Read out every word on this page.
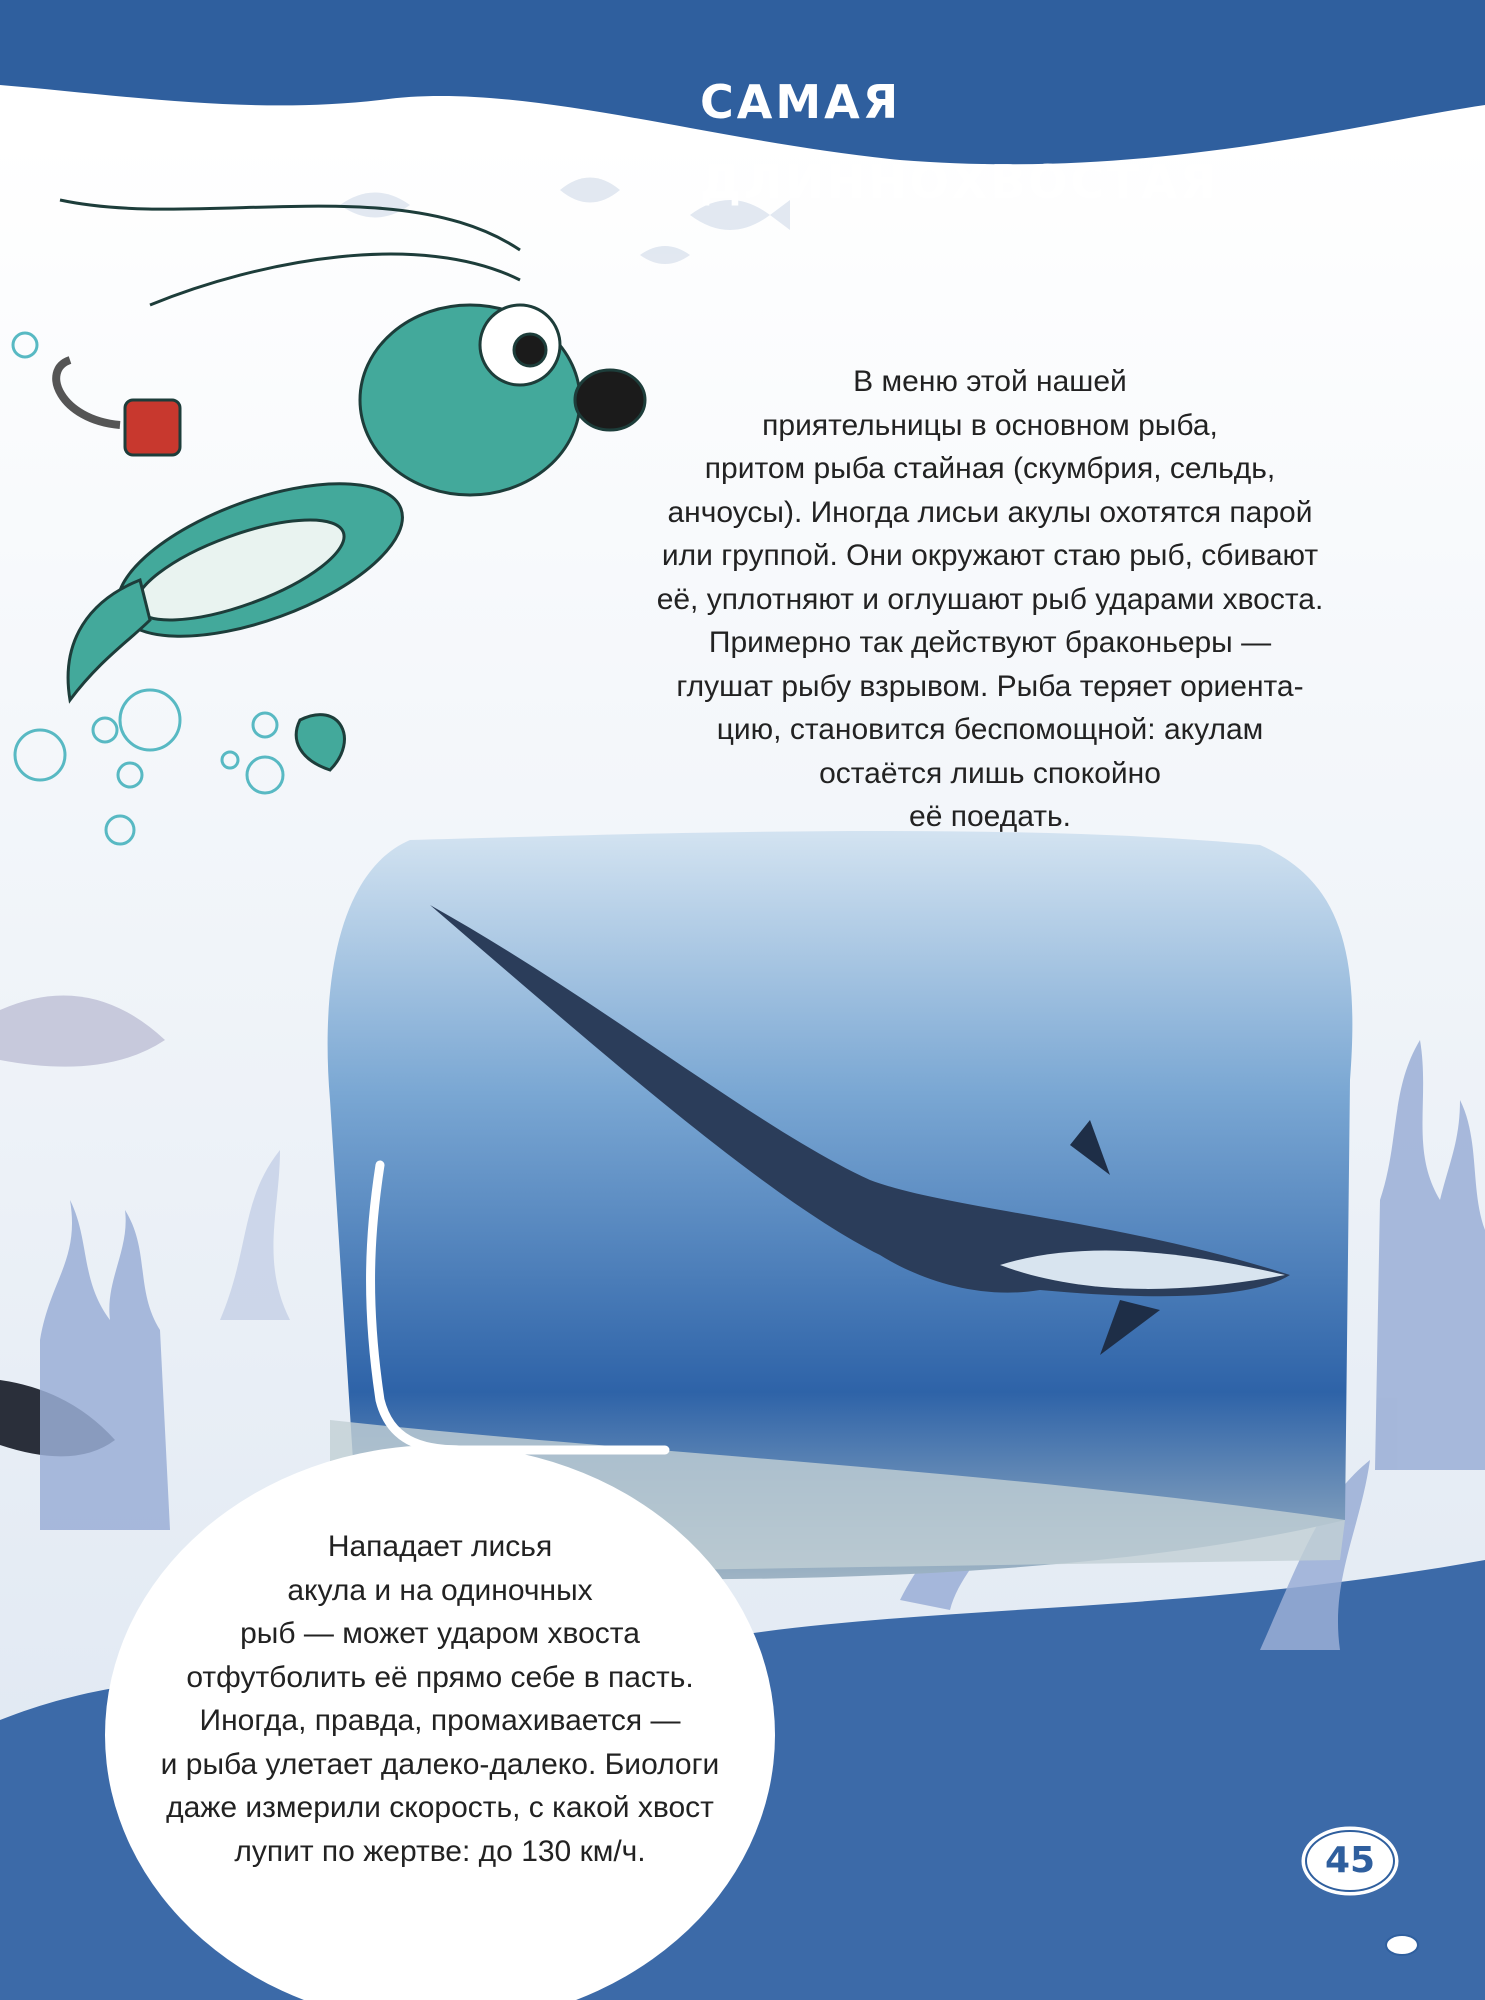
САМАЯ ДЛИННОХВОСТАЯ
В меню этой нашей
приятельницы в основном рыба,
притом рыба стайная (скумбрия, сельдь,
анчоусы). Иногда лисьи акулы охотятся парой
или группой. Они окружают стаю рыб, сбивают
её, уплотняют и оглушают рыб ударами хвоста.
Примерно так действуют браконьеры —
глушат рыбу взрывом. Рыба теряет ориента-
цию, становится беспомощной: акулам
остаётся лишь спокойно
её поедать.
Нападает лисья
акула и на одиночных
рыб — может ударом хвоста
отфутболить её прямо себе в пасть.
Иногда, правда, промахивается —
и рыба улетает далеко-далеко. Биологи
даже измерили скорость, с какой хвост
лупит по жертве: до 130 км/ч.	45
